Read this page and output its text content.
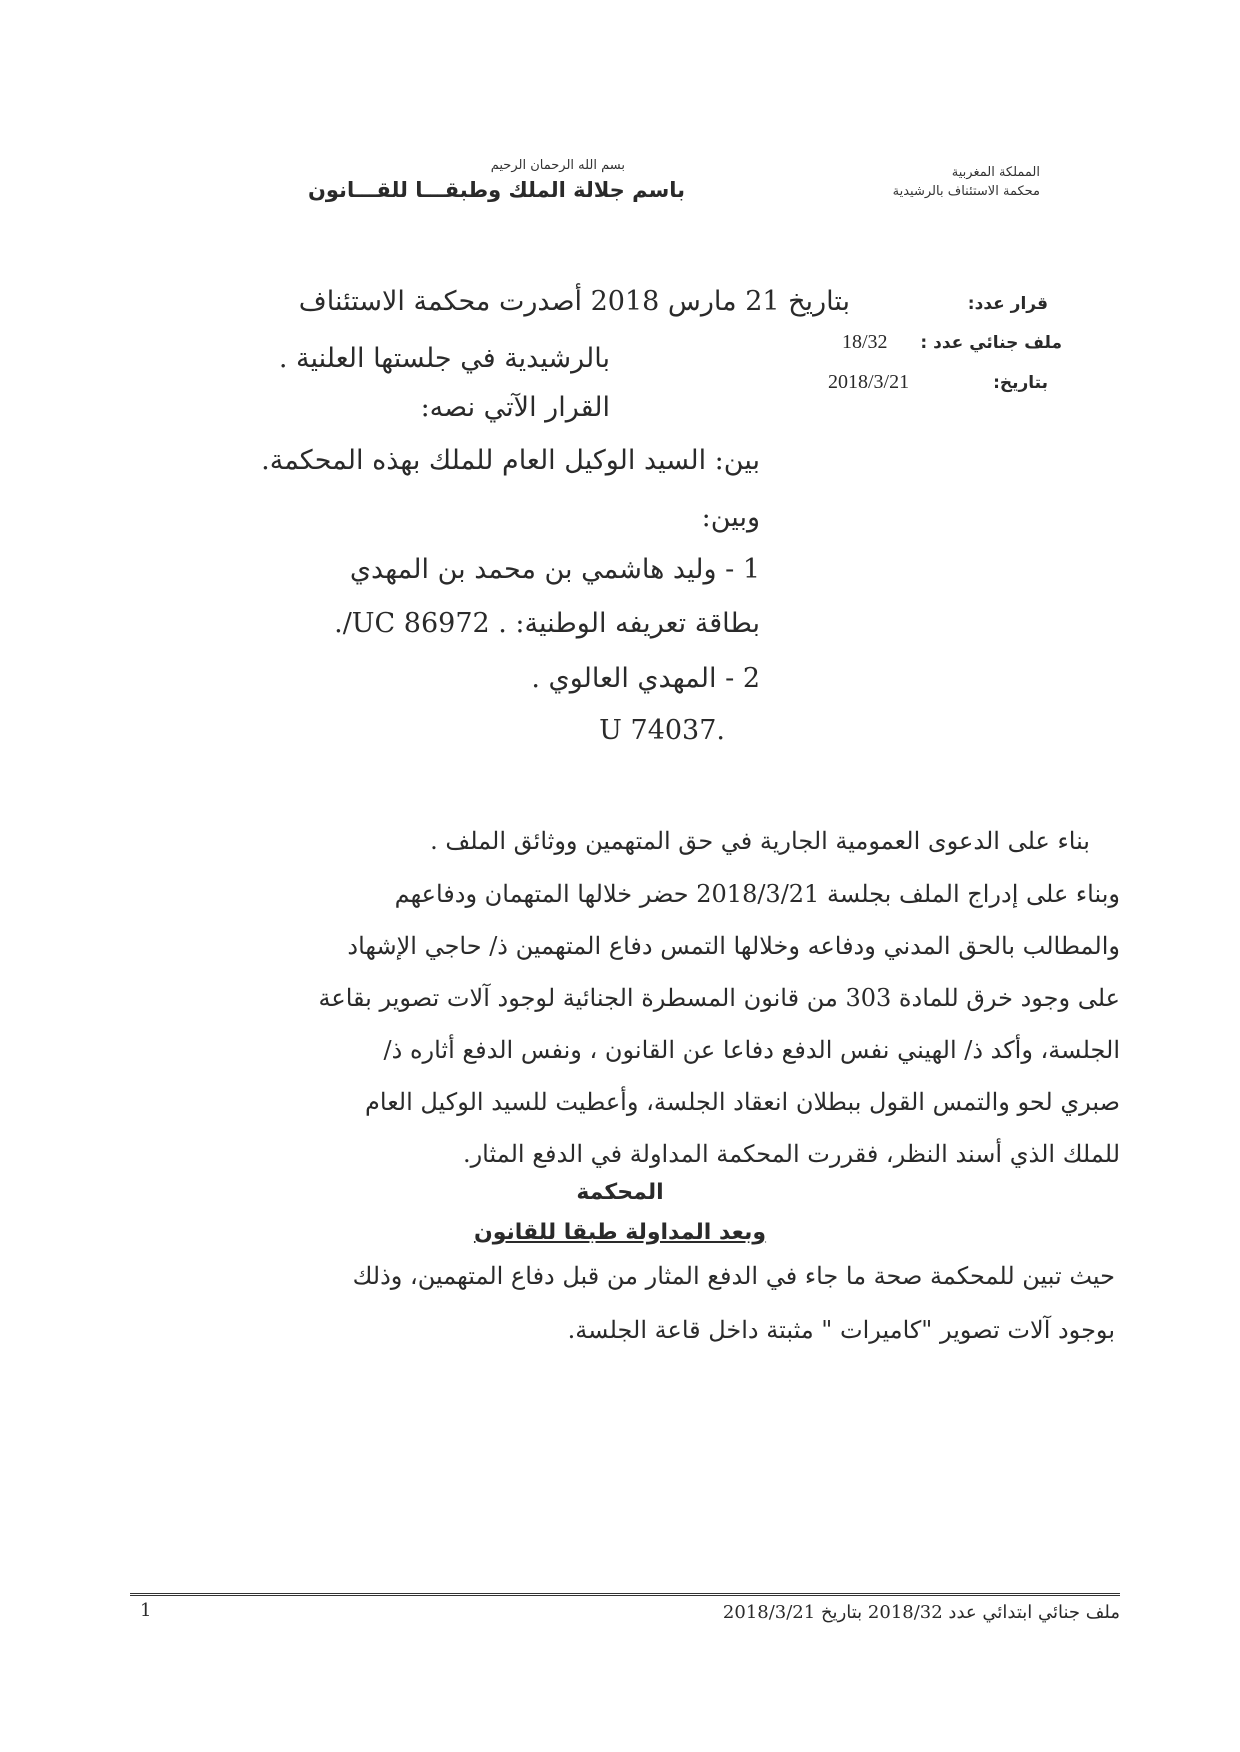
بسم الله الرحمان الرحيم
باسم جلالة الملك وطبقـــا للقـــانون
المملكة المغربية
محكمة الاستئناف بالرشيدية
قرار عدد:
ملف جنائي عدد :
18/32
بتاريخ:
2018/3/21
بتاريخ 21 مارس 2018 أصدرت محكمة الاستئناف
بالرشيدية في جلستها العلنية .
القرار الآتي نصه:
بين: السيد الوكيل العام للملك بهذه المحكمة.
وبين:
1 - وليد هاشمي بن محمد بن المهدي
بطاقة تعريفه الوطنية: . UC 86972/.
2 - المهدي العالوي .
.U 74037
بناء على الدعوى العمومية الجارية في حق المتهمين ووثائق الملف .
وبناء على إدراج الملف بجلسة 2018/3/21 حضر خلالها المتهمان ودفاعهم
والمطالب بالحق المدني ودفاعه وخلالها التمس دفاع المتهمين ذ/ حاجي الإشهاد
على وجود خرق للمادة 303 من قانون المسطرة الجنائية لوجود آلات تصوير بقاعة
الجلسة، وأكد ذ/ الهيني نفس الدفع دفاعا عن القانون ، ونفس الدفع أثاره ذ/
صبري لحو والتمس القول ببطلان انعقاد الجلسة، وأعطيت للسيد الوكيل العام
للملك الذي أسند النظر، فقررت المحكمة المداولة في الدفع المثار.
المحكمة
وبعد المداولة طبقا للقانون
حيث تبين للمحكمة صحة ما جاء في الدفع المثار من قبل دفاع المتهمين، وذلك
بوجود آلات تصوير "كاميرات " مثبتة داخل قاعة الجلسة.
ملف جنائي ابتدائي عدد 2018/32 بتاريخ 2018/3/21
1
